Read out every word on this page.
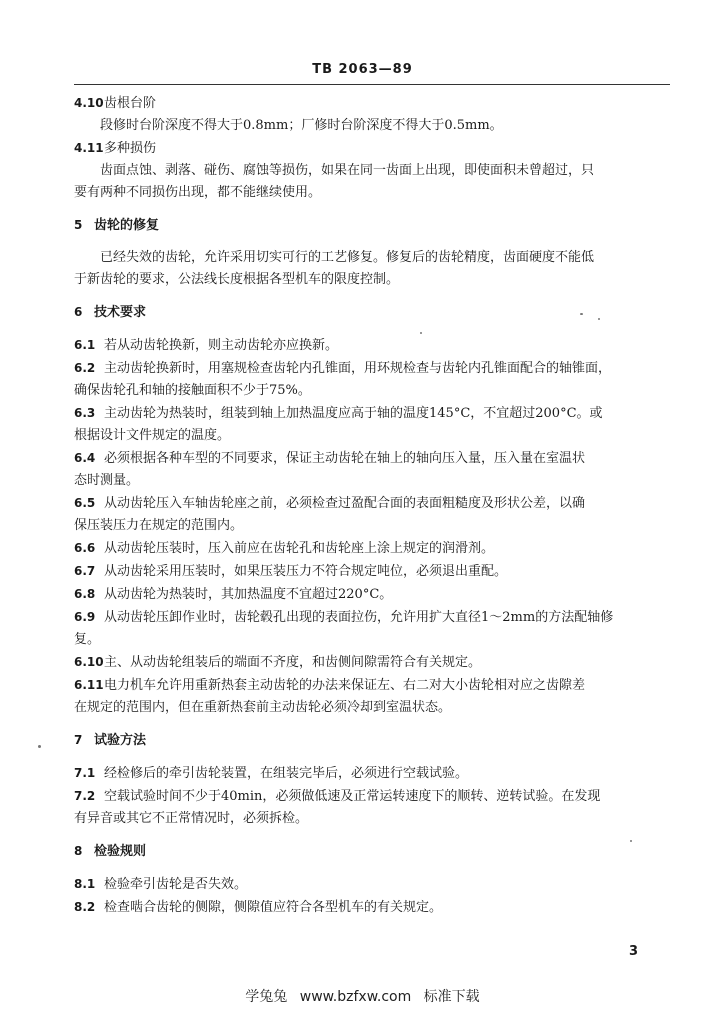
TB 2063—89
4.10齿根台阶
段修时台阶深度不得大于0.8mm；厂修时台阶深度不得大于0.5mm。
4.11多种损伤
齿面点蚀、剥落、碰伤、腐蚀等损伤，如果在同一齿面上出现，即使面积未曾超过，只
要有两种不同损伤出现，都不能继续使用。
5 齿轮的修复
已经失效的齿轮，允许采用切实可行的工艺修复。修复后的齿轮精度，齿面硬度不能低
于新齿轮的要求，公法线长度根据各型机车的限度控制。
6 技术要求
6.1 若从动齿轮换新，则主动齿轮亦应换新。
6.2 主动齿轮换新时，用塞规检查齿轮内孔锥面，用环规检查与齿轮内孔锥面配合的轴锥面，
确保齿轮孔和轴的接触面积不少于75%。
6.3 主动齿轮为热装时，组装到轴上加热温度应高于轴的温度145°C，不宜超过200°C。或
根据设计文件规定的温度。
6.4 必须根据各种车型的不同要求，保证主动齿轮在轴上的轴向压入量，压入量在室温状
态时测量。
6.5 从动齿轮压入车轴齿轮座之前，必须检查过盈配合面的表面粗糙度及形状公差，以确
保压装压力在规定的范围内。
6.6 从动齿轮压装时，压入前应在齿轮孔和齿轮座上涂上规定的润滑剂。
6.7 从动齿轮采用压装时，如果压装压力不符合规定吨位，必须退出重配。
6.8 从动齿轮为热装时，其加热温度不宜超过220°C。
6.9 从动齿轮压卸作业时，齿轮毂孔出现的表面拉伤，允许用扩大直径1～2mm的方法配轴修
复。
6.10主、从动齿轮组装后的端面不齐度，和齿侧间隙需符合有关规定。
6.11电力机车允许用重新热套主动齿轮的办法来保证左、右二对大小齿轮相对应之齿隙差
在规定的范围内，但在重新热套前主动齿轮必须冷却到室温状态。
7 试验方法
7.1 经检修后的牵引齿轮装置，在组装完毕后，必须进行空载试验。
7.2 空载试验时间不少于40min，必须做低速及正常运转速度下的顺转、逆转试验。在发现
有异音或其它不正常情况时，必须拆检。
8 检验规则
8.1 检验牵引齿轮是否失效。
8.2 检查啮合齿轮的侧隙，侧隙值应符合各型机车的有关规定。
3
学兔兔 www.bzfxw.com 标准下载
